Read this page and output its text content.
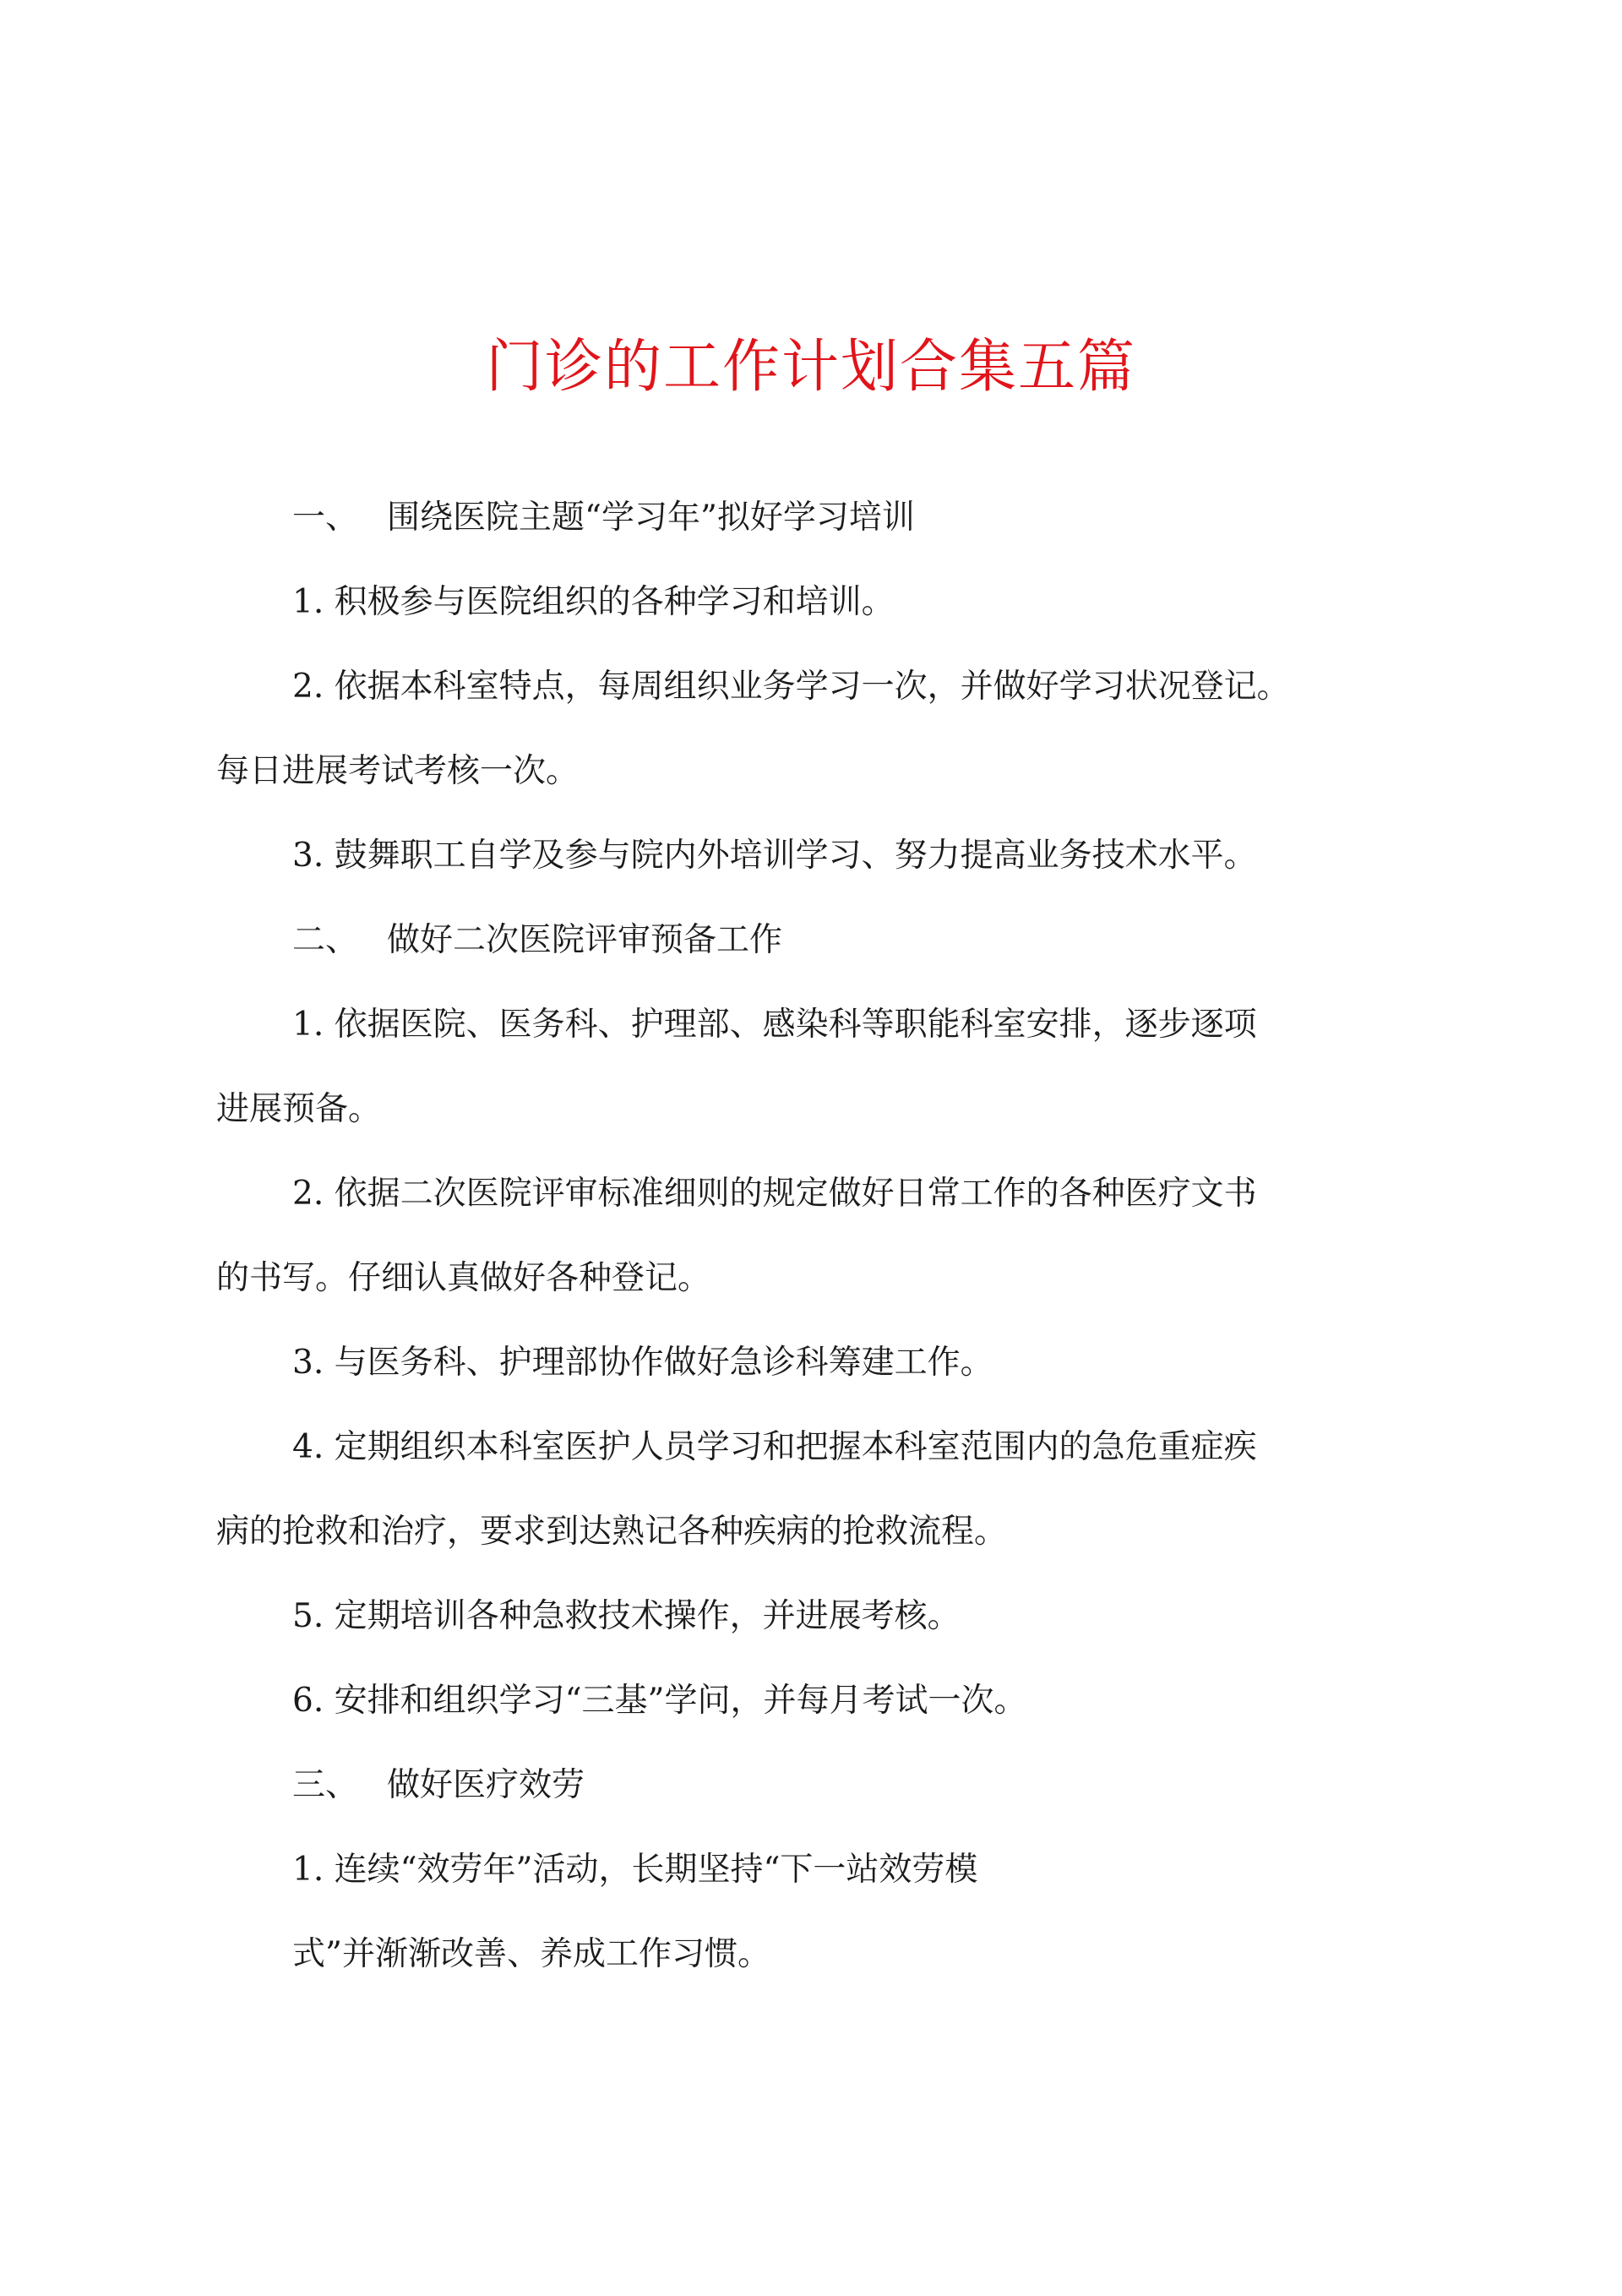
门诊的工作计划合集五篇
一、 围绕医院主题“学习年”拟好学习培训
1. 积极参与医院组织的各种学习和培训。
2. 依据本科室特点，每周组织业务学习一次，并做好学习状况登记。
每日进展考试考核一次。
3. 鼓舞职工自学及参与院内外培训学习、努力提高业务技术水平。
二、 做好二次医院评审预备工作
1. 依据医院、医务科、护理部、感染科等职能科室安排，逐步逐项
进展预备。
2. 依据二次医院评审标准细则的规定做好日常工作的各种医疗文书
的书写。仔细认真做好各种登记。
3. 与医务科、护理部协作做好急诊科筹建工作。
4. 定期组织本科室医护人员学习和把握本科室范围内的急危重症疾
病的抢救和治疗，要求到达熟记各种疾病的抢救流程。
5. 定期培训各种急救技术操作，并进展考核。
6. 安排和组织学习“三基”学问，并每月考试一次。
三、 做好医疗效劳
1. 连续“效劳年”活动，长期坚持“下一站效劳模
式”并渐渐改善、养成工作习惯。
